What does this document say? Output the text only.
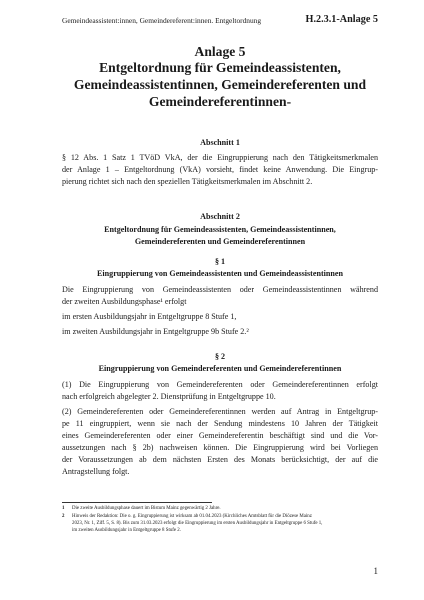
Gemeindeassistent:innen, Gemeindereferent:innen. Entgeltordnung	H.2.3.1-Anlage 5
Anlage 5
Entgeltordnung für Gemeindeassistenten,
Gemeindeassistentinnen, Gemeindereferenten und
Gemeindereferentinnen-
Abschnitt 1
§ 12 Abs. 1 Satz 1 TVöD VkA, der die Eingruppierung nach den Tätigkeitsmerkmalen
der Anlage 1 – Entgeltordnung (VkA) vorsieht, findet keine Anwendung. Die Eingrup-
pierung richtet sich nach den speziellen Tätigkeitsmerkmalen im Abschnitt 2.
Abschnitt 2
Entgeltordnung für Gemeindeassistenten, Gemeindeassistentinnen,
Gemeindereferenten und Gemeindereferentinnen
§ 1
Eingruppierung von Gemeindeassistenten und Gemeindeassistentinnen
Die Eingruppierung von Gemeindeassistenten oder Gemeindeassistentinnen während
der zweiten Ausbildungsphase¹ erfolgt
im ersten Ausbildungsjahr in Entgeltgruppe 8 Stufe 1,
im zweiten Ausbildungsjahr in Entgeltgruppe 9b Stufe 2.²
§ 2
Eingruppierung von Gemeindereferenten und Gemeindereferentinnen
(1) Die Eingruppierung von Gemeindereferenten oder Gemeindereferentinnen erfolgt
nach erfolgreich abgelegter 2. Dienstprüfung in Entgeltgruppe 10.
(2) Gemeindereferenten oder Gemeindereferentinnen werden auf Antrag in Entgeltgrup-
pe 11 eingruppiert, wenn sie nach der Sendung mindestens 10 Jahren der Tätigkeit
eines Gemeindereferenten oder einer Gemeindereferentin beschäftigt sind und die Vor-
aussetzungen nach § 2b) nachweisen können. Die Eingruppierung wird bei Vorliegen
der Voraussetzungen ab dem nächsten Ersten des Monats berücksichtigt, der auf die
Antragstellung folgt.
1 Die zweite Ausbildungsphase dauert im Bistum Mainz gegenwärtig 2 Jahre.
2 Hinweis der Redaktion: Die o. g. Eingruppierung ist wirksam ab 01.04.2023 (Kirchliches Amtsblatt für die Diözese Mainz
2023, Nr. 1, Ziff. 5, S. 8). Bis zum 31.03.2023 erfolgt die Eingruppierung im ersten Ausbildungsjahr in Entgeltgruppe 6 Stufe 1,
im zweiten Ausbildungsjahr in Entgeltgruppe 8 Stufe 2.
1
